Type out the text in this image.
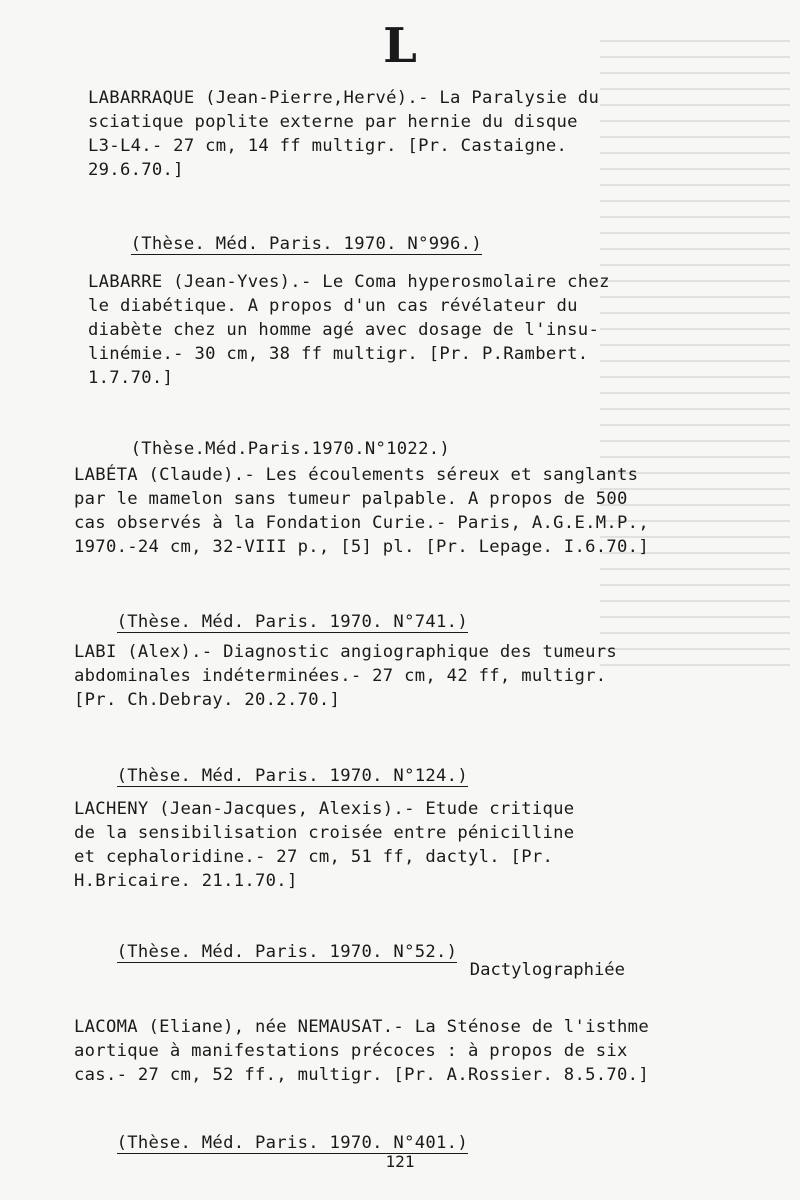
L
LABARRAQUE (Jean-Pierre,Hervé).- La Paralysie du
sciatique poplite externe par hernie du disque
L3-L4.- 27 cm, 14 ff multigr. [Pr. Castaigne.
29.6.70.]

(Thèse. Méd. Paris. 1970. N°996.)

LABARRE (Jean-Yves).- Le Coma hyperosmolaire chez
le diabétique. A propos d'un cas révélateur du
diabète chez un homme agé avec dosage de l'insu-
linémie.- 30 cm, 38 ff multigr. [Pr. P.Rambert.
1.7.70.]

(Thèse.Méd.Paris.1970.N°1022.)

LABÉTA (Claude).- Les écoulements séreux et sanglants
par le mamelon sans tumeur palpable. A propos de 500
cas observés à la Fondation Curie.- Paris, A.G.E.M.P.,
1970.-24 cm, 32-VIII p., [5] pl. [Pr. Lepage. I.6.70.]

(Thèse. Méd. Paris. 1970. N°741.)

LABI (Alex).- Diagnostic angiographique des tumeurs
abdominales indéterminées.- 27 cm, 42 ff, multigr.
[Pr. Ch.Debray. 20.2.70.]

(Thèse. Méd. Paris. 1970. N°124.)

LACHENY (Jean-Jacques, Alexis).- Etude critique
de la sensibilisation croisée entre pénicilline
et cephaloridine.- 27 cm, 51 ff, dactyl. [Pr.
H.Bricaire. 21.1.70.]

(Thèse. Méd. Paris. 1970. N°52.)

Dactylographiée
LACOMA (Eliane), née NEMAUSAT.- La Sténose de l'isthme
aortique à manifestations précoces : à propos de six
cas.- 27 cm, 52 ff., multigr. [Pr. A.Rossier. 8.5.70.]

(Thèse. Méd. Paris. 1970. N°401.)

121
